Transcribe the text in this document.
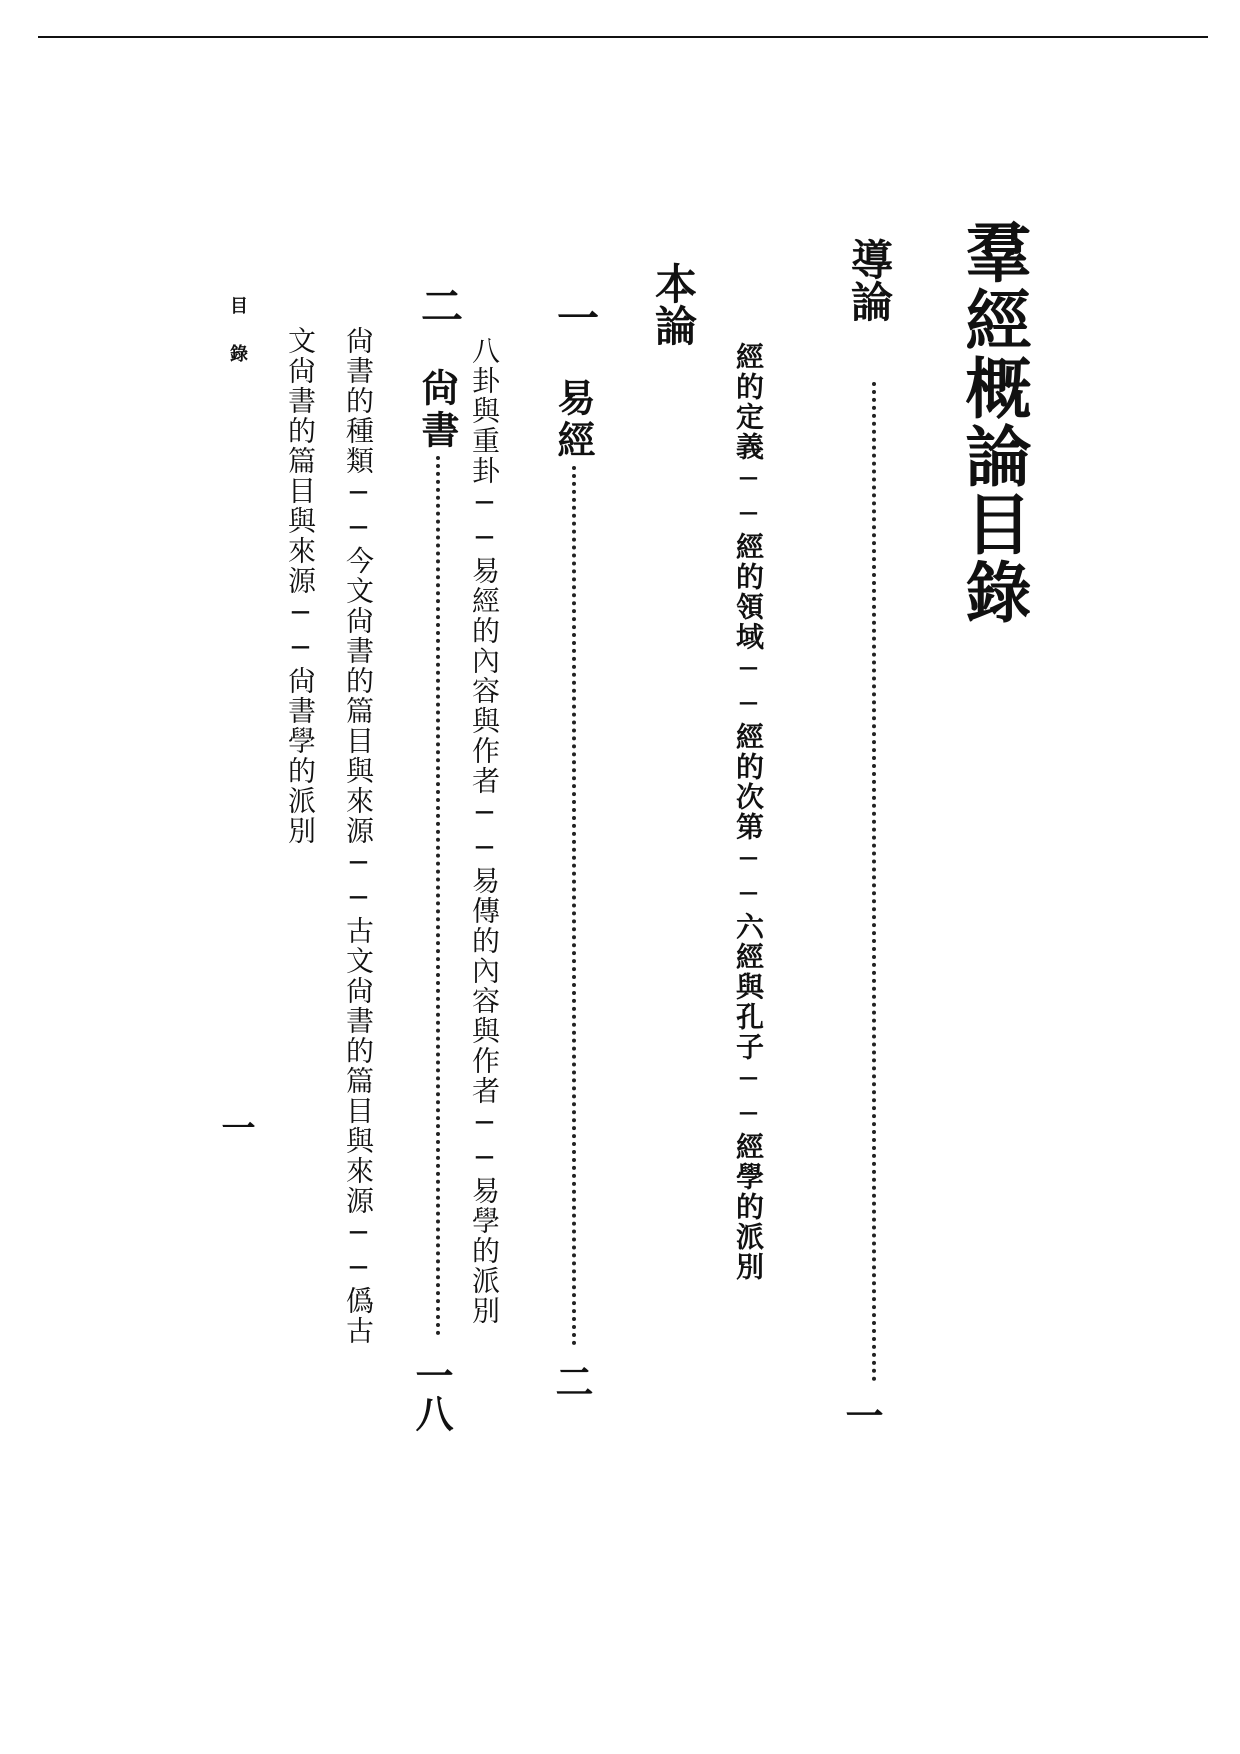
羣經概論目錄
導論
一
經的定義──經的領域──經的次第──六經與孔子──經學的派別
本論
一
易經
二
八卦與重卦──易經的內容與作者──易傳的內容與作者──易學的派別
二
尙書
一八
尙書的種類──今文尙書的篇目與來源──古文尙書的篇目與來源──僞古
文尙書的篇目與來源──尙書學的派別
目錄
一
